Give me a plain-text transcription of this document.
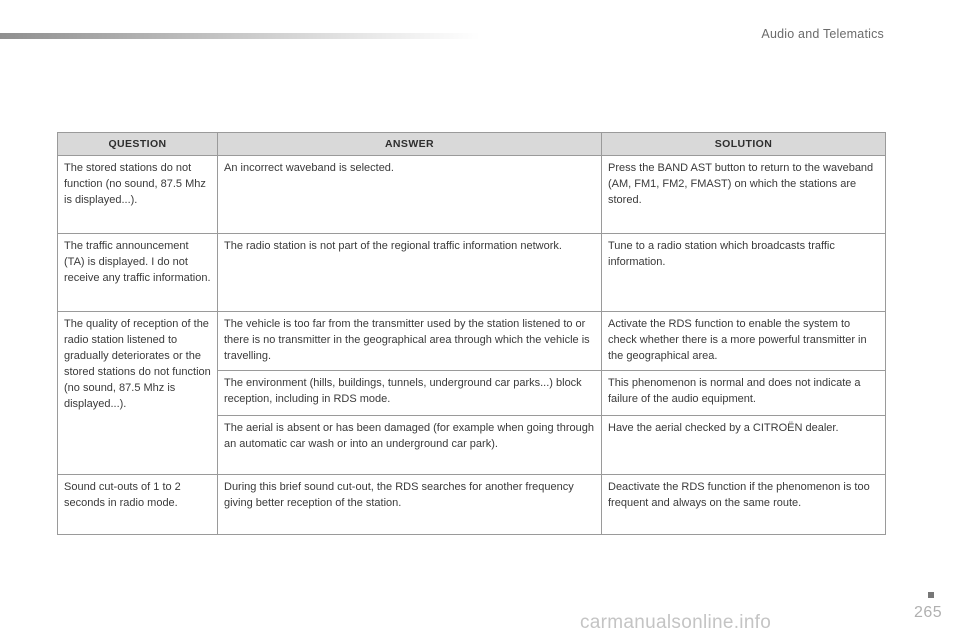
Audio and Telematics
QUESTION	ANSWER	SOLUTION
The stored stations do not function (no sound, 87.5 Mhz is displayed...).	An incorrect waveband is selected.	Press the BAND AST button to return to the waveband (AM, FM1, FM2, FMAST) on which the stations are stored.
The traffic announcement (TA) is displayed. I do not receive any traffic information.	The radio station is not part of the regional traffic information network.	Tune to a radio station which broadcasts traffic information.
The quality of reception of the radio station listened to gradually deteriorates or the stored stations do not function (no sound, 87.5 Mhz is displayed...).	The vehicle is too far from the transmitter used by the station listened to or there is no transmitter in the geographical area through which the vehicle is travelling.	Activate the RDS function to enable the system to check whether there is a more powerful transmitter in the geographical area.
	The environment (hills, buildings, tunnels, underground car parks...) block reception, including in RDS mode.	This phenomenon is normal and does not indicate a failure of the audio equipment.
	The aerial is absent or has been damaged (for example when going through an automatic car wash or into an underground car park).	Have the aerial checked by a CITROËN dealer.
Sound cut-outs of 1 to 2 seconds in radio mode.	During this brief sound cut-out, the RDS searches for another frequency giving better reception of the station.	Deactivate the RDS function if the phenomenon is too frequent and always on the same route.
265
carmanualsonline.info
